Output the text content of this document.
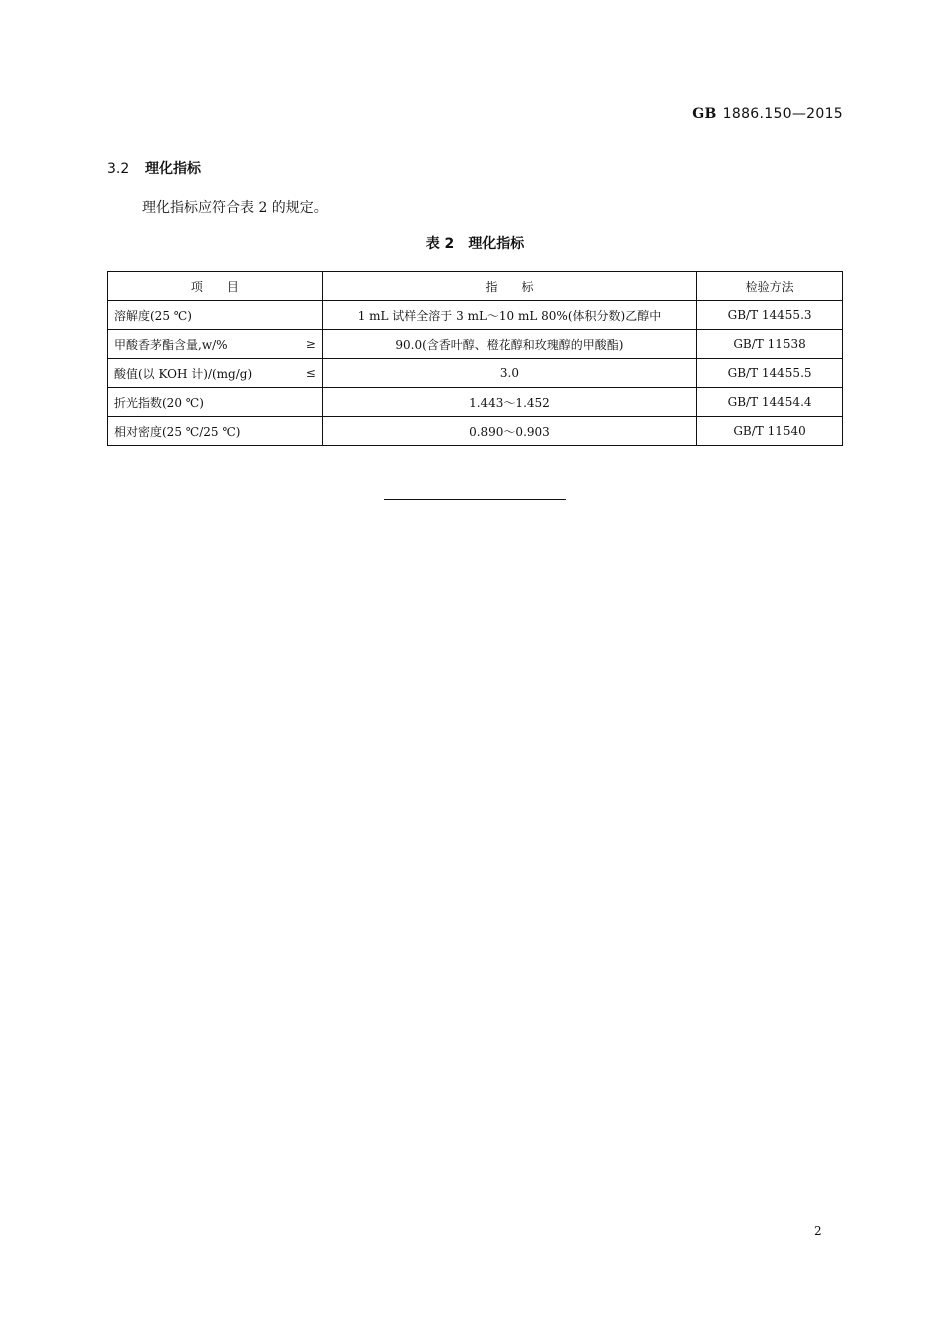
GB 1886.150—2015
3.2 理化指标
理化指标应符合表 2 的规定。
表 2 理化指标
项　　目	指　　标	检验方法

溶解度(25 ℃)	1 mL 试样全溶于 3 mL～10 mL 80%(体积分数)乙醇中	GB/T 14455.3

甲酸香茅酯含量,w/% ≥	90.0(含香叶醇、橙花醇和玫瑰醇的甲酸酯)	GB/T 11538

酸值(以 KOH 计)/(mg/g) ≤	3.0	GB/T 14455.5

折光指数(20 ℃)	1.443～1.452	GB/T 14454.4

相对密度(25 ℃/25 ℃)	0.890～0.903	GB/T 11540
2
